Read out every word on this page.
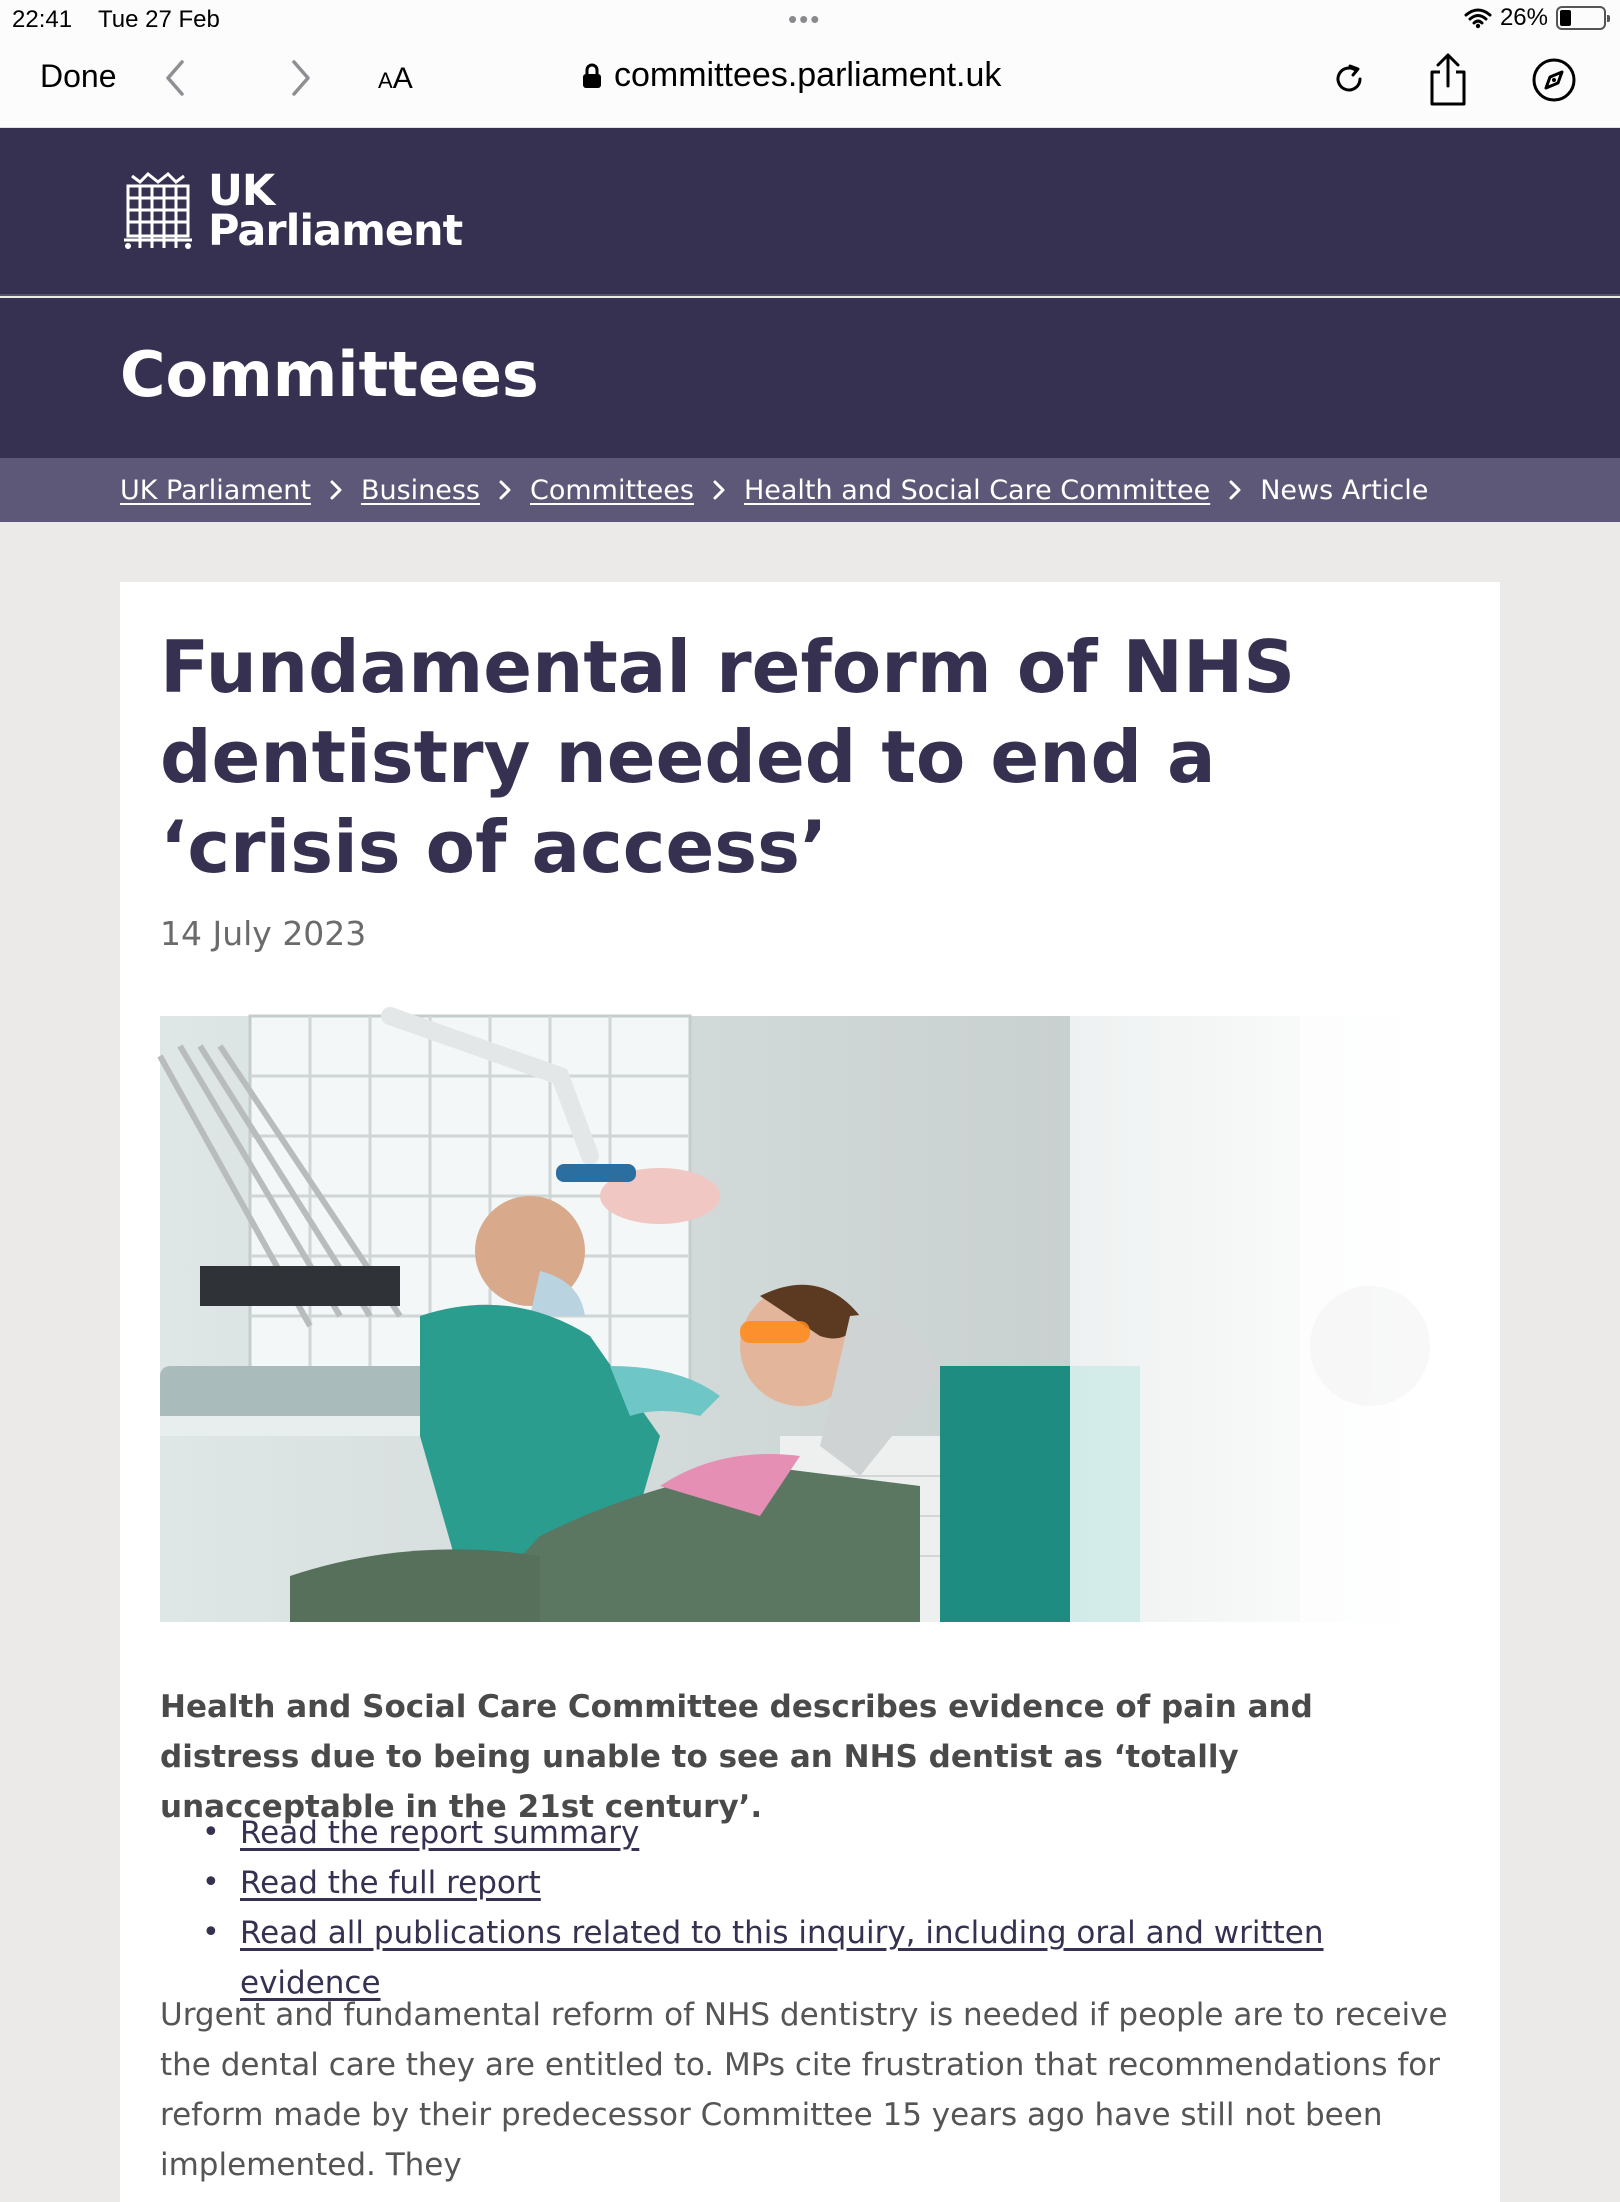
22:41 Tue 27 Feb	•••	26%
Done	AA	committees.parliament.uk
UK
Parliament
Committees
UK Parliament Business Committees Health and Social Care Committee News Article
Fundamental reform of NHS dentistry needed to end a ‘crisis of access’
14 July 2023

Health and Social Care Committee describes evidence of pain and distress due to being unable to see an NHS dentist as ‘totally unacceptable in the 21st century’.

• Read the report summary
• Read the full report
• Read all publications related to this inquiry, including oral and written evidence

Urgent and fundamental reform of NHS dentistry is needed if people are to receive the dental care they are entitled to. MPs cite frustration that recommendations for reform made by their predecessor Committee 15 years ago have still not been implemented. They
